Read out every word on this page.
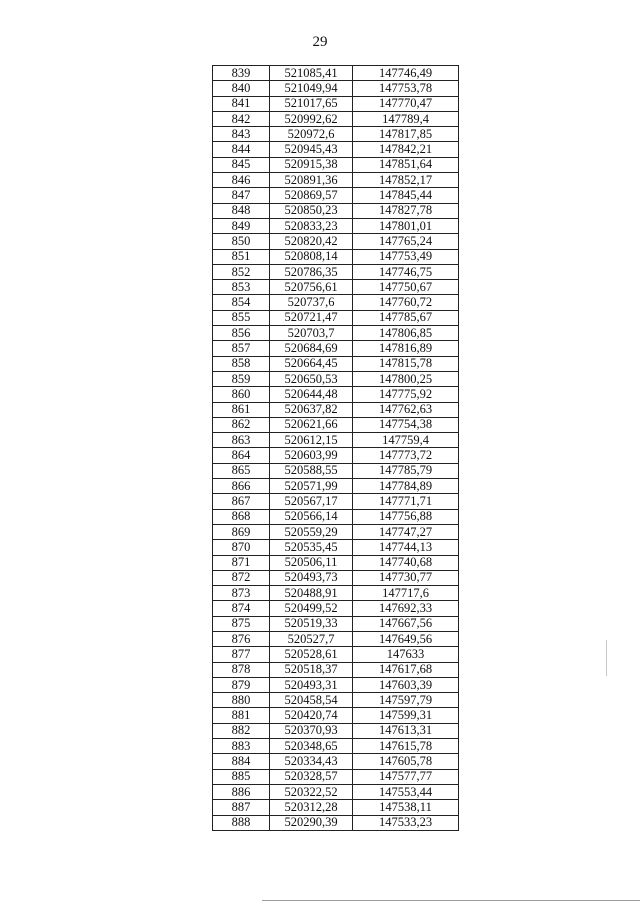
29
839	521085,41	147746,49
840	521049,94	147753,78
841	521017,65	147770,47
842	520992,62	147789,4
843	520972,6	147817,85
844	520945,43	147842,21
845	520915,38	147851,64
846	520891,36	147852,17
847	520869,57	147845,44
848	520850,23	147827,78
849	520833,23	147801,01
850	520820,42	147765,24
851	520808,14	147753,49
852	520786,35	147746,75
853	520756,61	147750,67
854	520737,6	147760,72
855	520721,47	147785,67
856	520703,7	147806,85
857	520684,69	147816,89
858	520664,45	147815,78
859	520650,53	147800,25
860	520644,48	147775,92
861	520637,82	147762,63
862	520621,66	147754,38
863	520612,15	147759,4
864	520603,99	147773,72
865	520588,55	147785,79
866	520571,99	147784,89
867	520567,17	147771,71
868	520566,14	147756,88
869	520559,29	147747,27
870	520535,45	147744,13
871	520506,11	147740,68
872	520493,73	147730,77
873	520488,91	147717,6
874	520499,52	147692,33
875	520519,33	147667,56
876	520527,7	147649,56
877	520528,61	147633
878	520518,37	147617,68
879	520493,31	147603,39
880	520458,54	147597,79
881	520420,74	147599,31
882	520370,93	147613,31
883	520348,65	147615,78
884	520334,43	147605,78
885	520328,57	147577,77
886	520322,52	147553,44
887	520312,28	147538,11
888	520290,39	147533,23
